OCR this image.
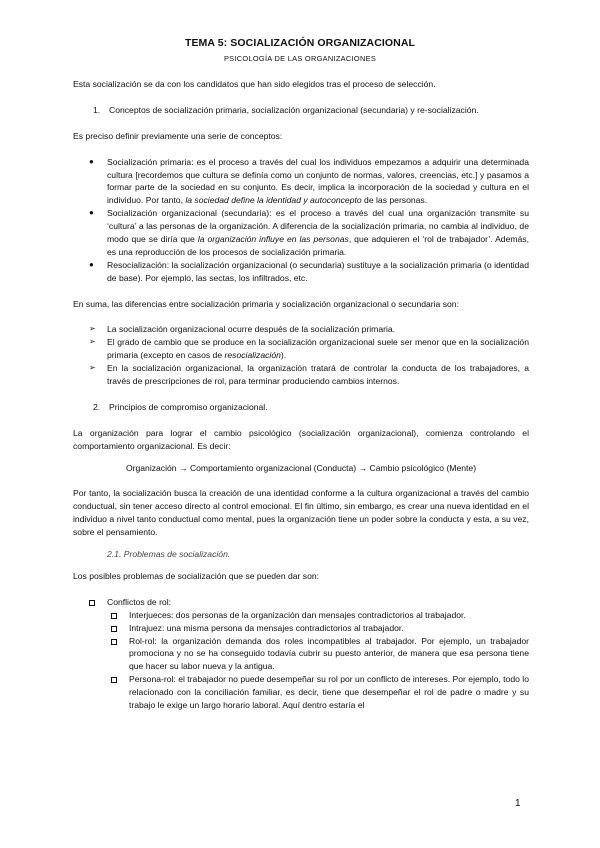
TEMA 5: SOCIALIZACIÓN ORGANIZACIONAL
PSICOLOGÍA DE LAS ORGANIZACIONES

Esta socialización se da con los candidatos que han sido elegidos tras el proceso de selección.

1.	Conceptos de socialización primaria, socialización organizacional (secundaria) y re-socialización.

Es preciso definir previamente una serie de conceptos:

● Socialización primaria: es el proceso a través del cual los individuos empezamos a adquirir una determinada cultura [recordemos que cultura se definía como un conjunto de normas, valores, creencias, etc.] y pasamos a formar parte de la sociedad en su conjunto. Es decir, implica la incorporación de la sociedad y cultura en el individuo. Por tanto, la sociedad define la identidad y autoconcepto de las personas.
● Socialización organizacional (secundaria): es el proceso a través del cual una organización transmite su ‘cultura’ a las personas de la organización. A diferencia de la socialización primaria, no cambia al individuo, de modo que se diría que la organización influye en las personas, que adquieren el ‘rol de trabajador’. Además, es una reproducción de los procesos de socialización primaria.
● Resocialización: la socialización organizacional (o secundaria) sustituye a la socialización primaria (o identidad de base). Por ejemplo, las sectas, los infiltrados, etc.

En suma, las diferencias entre socialización primaria y socialización organizacional o secundaria son:

➢ La socialización organizacional ocurre después de la socialización primaria.
➢ El grado de cambio que se produce en la socialización organizacional suele ser menor que en la socialización primaria (excepto en casos de resocialización).
➢ En la socialización organizacional, la organización tratará de controlar la conducta de los trabajadores, a través de prescripciones de rol, para terminar produciendo cambios internos.
2.	Principios de compromiso organizacional.

La organización para lograr el cambio psicológico (socialización organizacional), comienza controlando el comportamiento organizacional. Es decir:

Organización → Comportamiento organizacional (Conducta) → Cambio psicológico (Mente)

Por tanto, la socialización busca la creación de una identidad conforme a la cultura organizacional a través del cambio conductual, sin tener acceso directo al control emocional. El fin último, sin embargo, es crear una nueva identidad en el individuo a nivel tanto conductual como mental, pues la organización tiene un poder sobre la conducta y esta, a su vez, sobre el pensamiento.

2.1. Problemas de socialización.

Los posibles problemas de socialización que se pueden dar son:

Conflictos de rol:
Interjueces: dos personas de la organización dan mensajes contradictorios al trabajador.
Intrajuez: una misma persona da mensajes contradictorios al trabajador.
Rol-rol: la organización demanda dos roles incompatibles al trabajador. Por ejemplo, un trabajador promociona y no se ha conseguido todavía cubrir su puesto anterior, de manera que esa persona tiene que hacer su labor nueva y la antigua.
Persona-rol: el trabajador no puede desempeñar su rol por un conflicto de intereses. Por ejemplo, todo lo relacionado con la conciliación familiar, es decir, tiene que desempeñar el rol de padre o madre y su trabajo le exige un largo horario laboral. Aquí dentro estaría el
1
